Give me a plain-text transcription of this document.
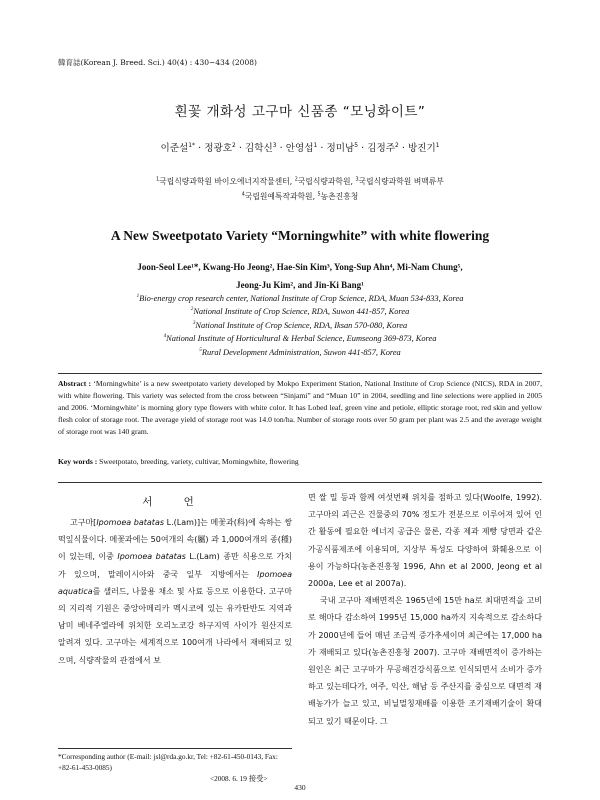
韓育誌(Korean J. Breed. Sci.) 40(4) : 430~434 (2008)
흰꽃 개화성 고구마 신품종 “모닝화이트”
이준설$^{1*}$ · 정광호$^2$ · 김학신$^3$ · 안영섭$^1$ · 정미남$^5$ · 김정주$^2$ · 방진기$^1$
$^1$국립식량과학원 바이오에너지작물센터, $^2$국립식량과학원, $^3$국립식량과학원 벼맥류부
$^4$국립원예특작과학원, $^5$농촌진흥청
A New Sweetpotato Variety “Morningwhite” with white flowering
Joon-Seol Lee¹*, Kwang-Ho Jeong², Hae-Sin Kim³, Yong-Sup Ahn⁴, Mi-Nam Chung⁵,
Jeong-Ju Kim², and Jin-Ki Bang¹
$^1$Bio-energy crop research center, National Institute of Crop Science, RDA, Muan 534-833, Korea
$^2$National Institute of Crop Science, RDA, Suwon 441-857, Korea
$^3$National Institute of Crop Science, RDA, Iksan 570-080, Korea
$^4$National Institute of Horticultural & Herbal Science, Eumseong 369-873, Korea
$^5$Rural Development Administration, Suwon 441-857, Korea
Abstract : ‘Morningwhite’ is a new sweetpotato variety developed by Mokpo Experiment Station, National Institute of Crop Science (NICS), RDA in 2007, with white flowering. This variety was selected from the cross between “Sinjami” and “Muan 10” in 2004, seedling and line selections were applied in 2005 and 2006. ‘Morningwhite’ is morning glory type flowers with white color. It has Lobed leaf, green vine and petiole, elliptic storage root, red skin and yellow flesh color of storage root. The average yield of storage root was 14.0 ton/ha. Number of storage roots over 50 gram per plant was 2.5 and the average weight of storage root was 140 gram.
Key words : Sweetpotato, breeding, variety, cultivar, Morningwhite, flowering
서 언

고구마[Ipomoea batatas L.(Lam)]는 메꽃과(科)에 속하는 쌍떡잎식물이다. 메꽃과에는 50여개의 속(屬) 과 1,000여개의 종(種)이 있는데, 이중 Ipomoea batatas L.(Lam) 종만 식용으로 가치가 있으며, 말레이시아와 중국 일부 지방에서는 Ipomoea aquatica를 샐러드, 나물용 채소 및 사료 등으로 이용한다. 고구마의 지리적 기원은 중앙아메리카 멕시코에 있는 유카탄반도 지역과 남미 베네주엘라에 위치한 오리노코강 하구지역 사이가 원산지로 알려져 있다. 고구마는 세계적으로 100여개 나라에서 재배되고 있으며, 식량작물의 관점에서 보

*Corresponding author (E-mail: jsl@rda.go.kr, Tel: +82-61-450-0143, Fax: +82-61-453-0085)
<2008. 6. 19 接受>

면 쌀 밀 등과 함께 여섯번째 위치를 점하고 있다(Woolfe, 1992). 고구마의 괴근은 건물중의 70% 정도가 전분으로 이루어져 있어 인간 활동에 필요한 에너지 공급은 물론, 각종 제과 제빵 당면과 같은 가공식품제조에 이용되며, 지상부 특성도 다양하여 화훼용으로 이용이 가능하다(농촌진흥청 1996, Ahn et al 2000, Jeong et al 2000a, Lee et al 2007a).

국내 고구마 재배면적은 1965년에 15만 ha로 최대면적을 고비로 해마다 감소하여 1995년 15,000 ha까지 지속적으로 감소하다가 2000년에 들어 매년 조금씩 증가추세이며 최근에는 17,000 ha가 재배되고 있다(농촌진흥청 2007). 고구마 재배면적이 증가하는 원인은 최근 고구마가 무공해건강식품으로 인식되면서 소비가 증가하고 있는데다가, 여주, 익산, 해남 등 주산지를 중심으로 대면적 재배농가가 늘고 있고, 비닐멀칭재배를 이용한 조기재배기술이 확대되고 있기 때문이다. 그

430
